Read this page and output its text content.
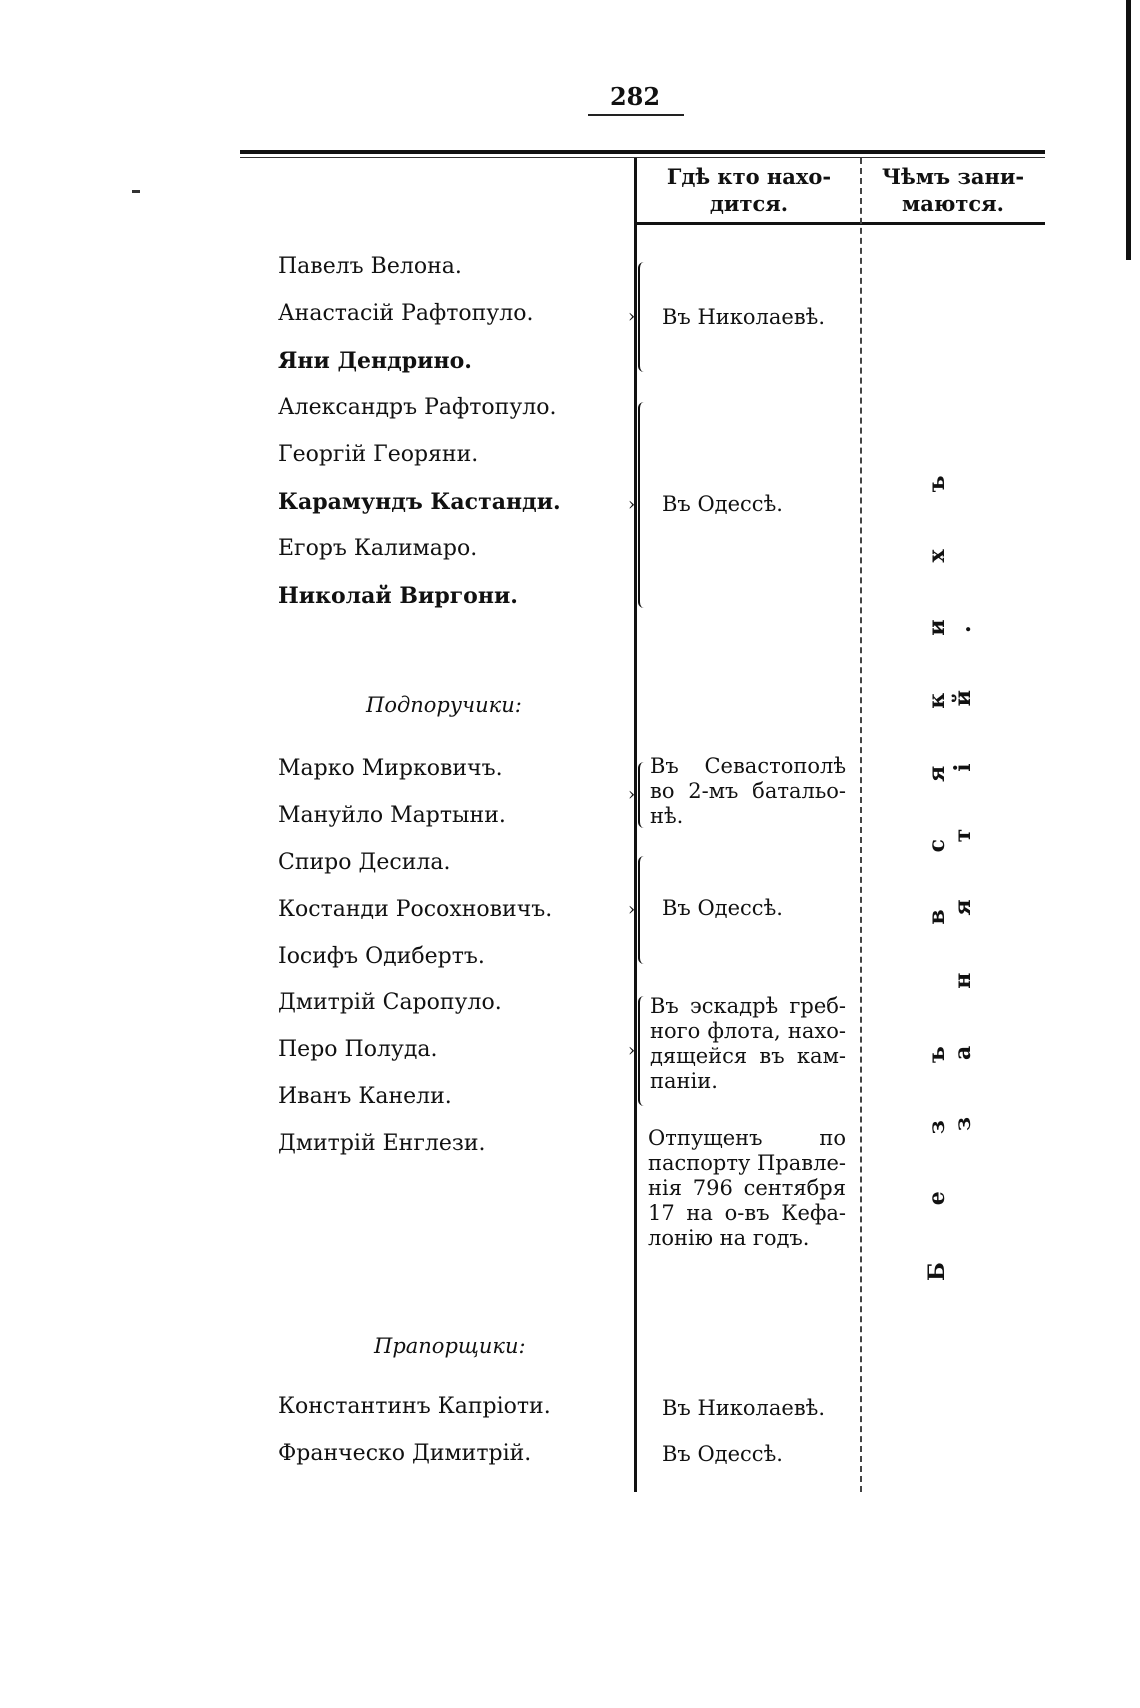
282
Гдѣ кто нахо-дится.
Чѣмъ зани-маются.
Павелъ Велона.
Анастасій Рафтопуло.
Яни Дендрино.
Александръ Рафтопуло.
Георгій Георяни.
Карамундъ Кастанди.
Егоръ Калимаро.
Николай Виргони.
Подпоручики:
Марко Мирковичъ.
Мануйло Мартыни.
Спиро Десила.
Костанди Росохновичъ.
Іосифъ Одибертъ.
Дмитрій Саропуло.
Перо Полуда.
Иванъ Канели.
Дмитрій Енглези.
Прапорщики:
Константинъ Капріоти.
Франческо Димитрій.
›
›
›
›
›
Въ Николаевѣ.
Въ Одессѣ.
Въ Севастополѣ во 2-мъ батальо-нѣ.
Въ Одессѣ.
Въ эскадрѣ греб-ного флота, нахо-дящейся въ кам-паніи.
Отпущенъ по паспорту Правле-нія 796 сентября 17 на о-въ Кефа-лонію на годъ.
Въ Николаевѣ.
Въ Одессѣ.
Безъ всякихъ занятій.
